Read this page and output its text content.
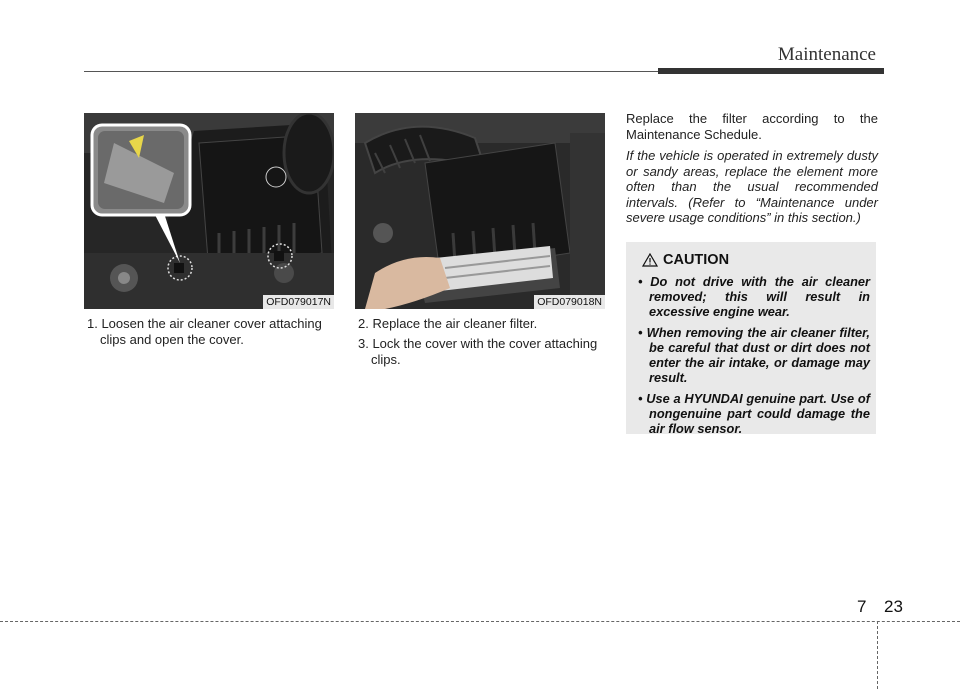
Maintenance
OFD079017N	OFD079018N

1. Loosen the air cleaner cover attaching clips and open the cover.

2. Replace the air cleaner filter.

3. Lock the cover with the cover attaching clips.

Replace the filter according to the Maintenance Schedule.

If the vehicle is operated in extremely dusty or sandy areas, replace the element more often than the usual recommended intervals. (Refer to “Maintenance under severe usage conditions” in this section.)

CAUTION
• Do not drive with the air cleaner removed; this will result in excessive engine wear.
• When removing the air cleaner filter, be careful that dust or dirt does not enter the air intake, or damage may result.
• Use a HYUNDAI genuine part. Use of nongenuine part could damage the air flow sensor.
7 23
